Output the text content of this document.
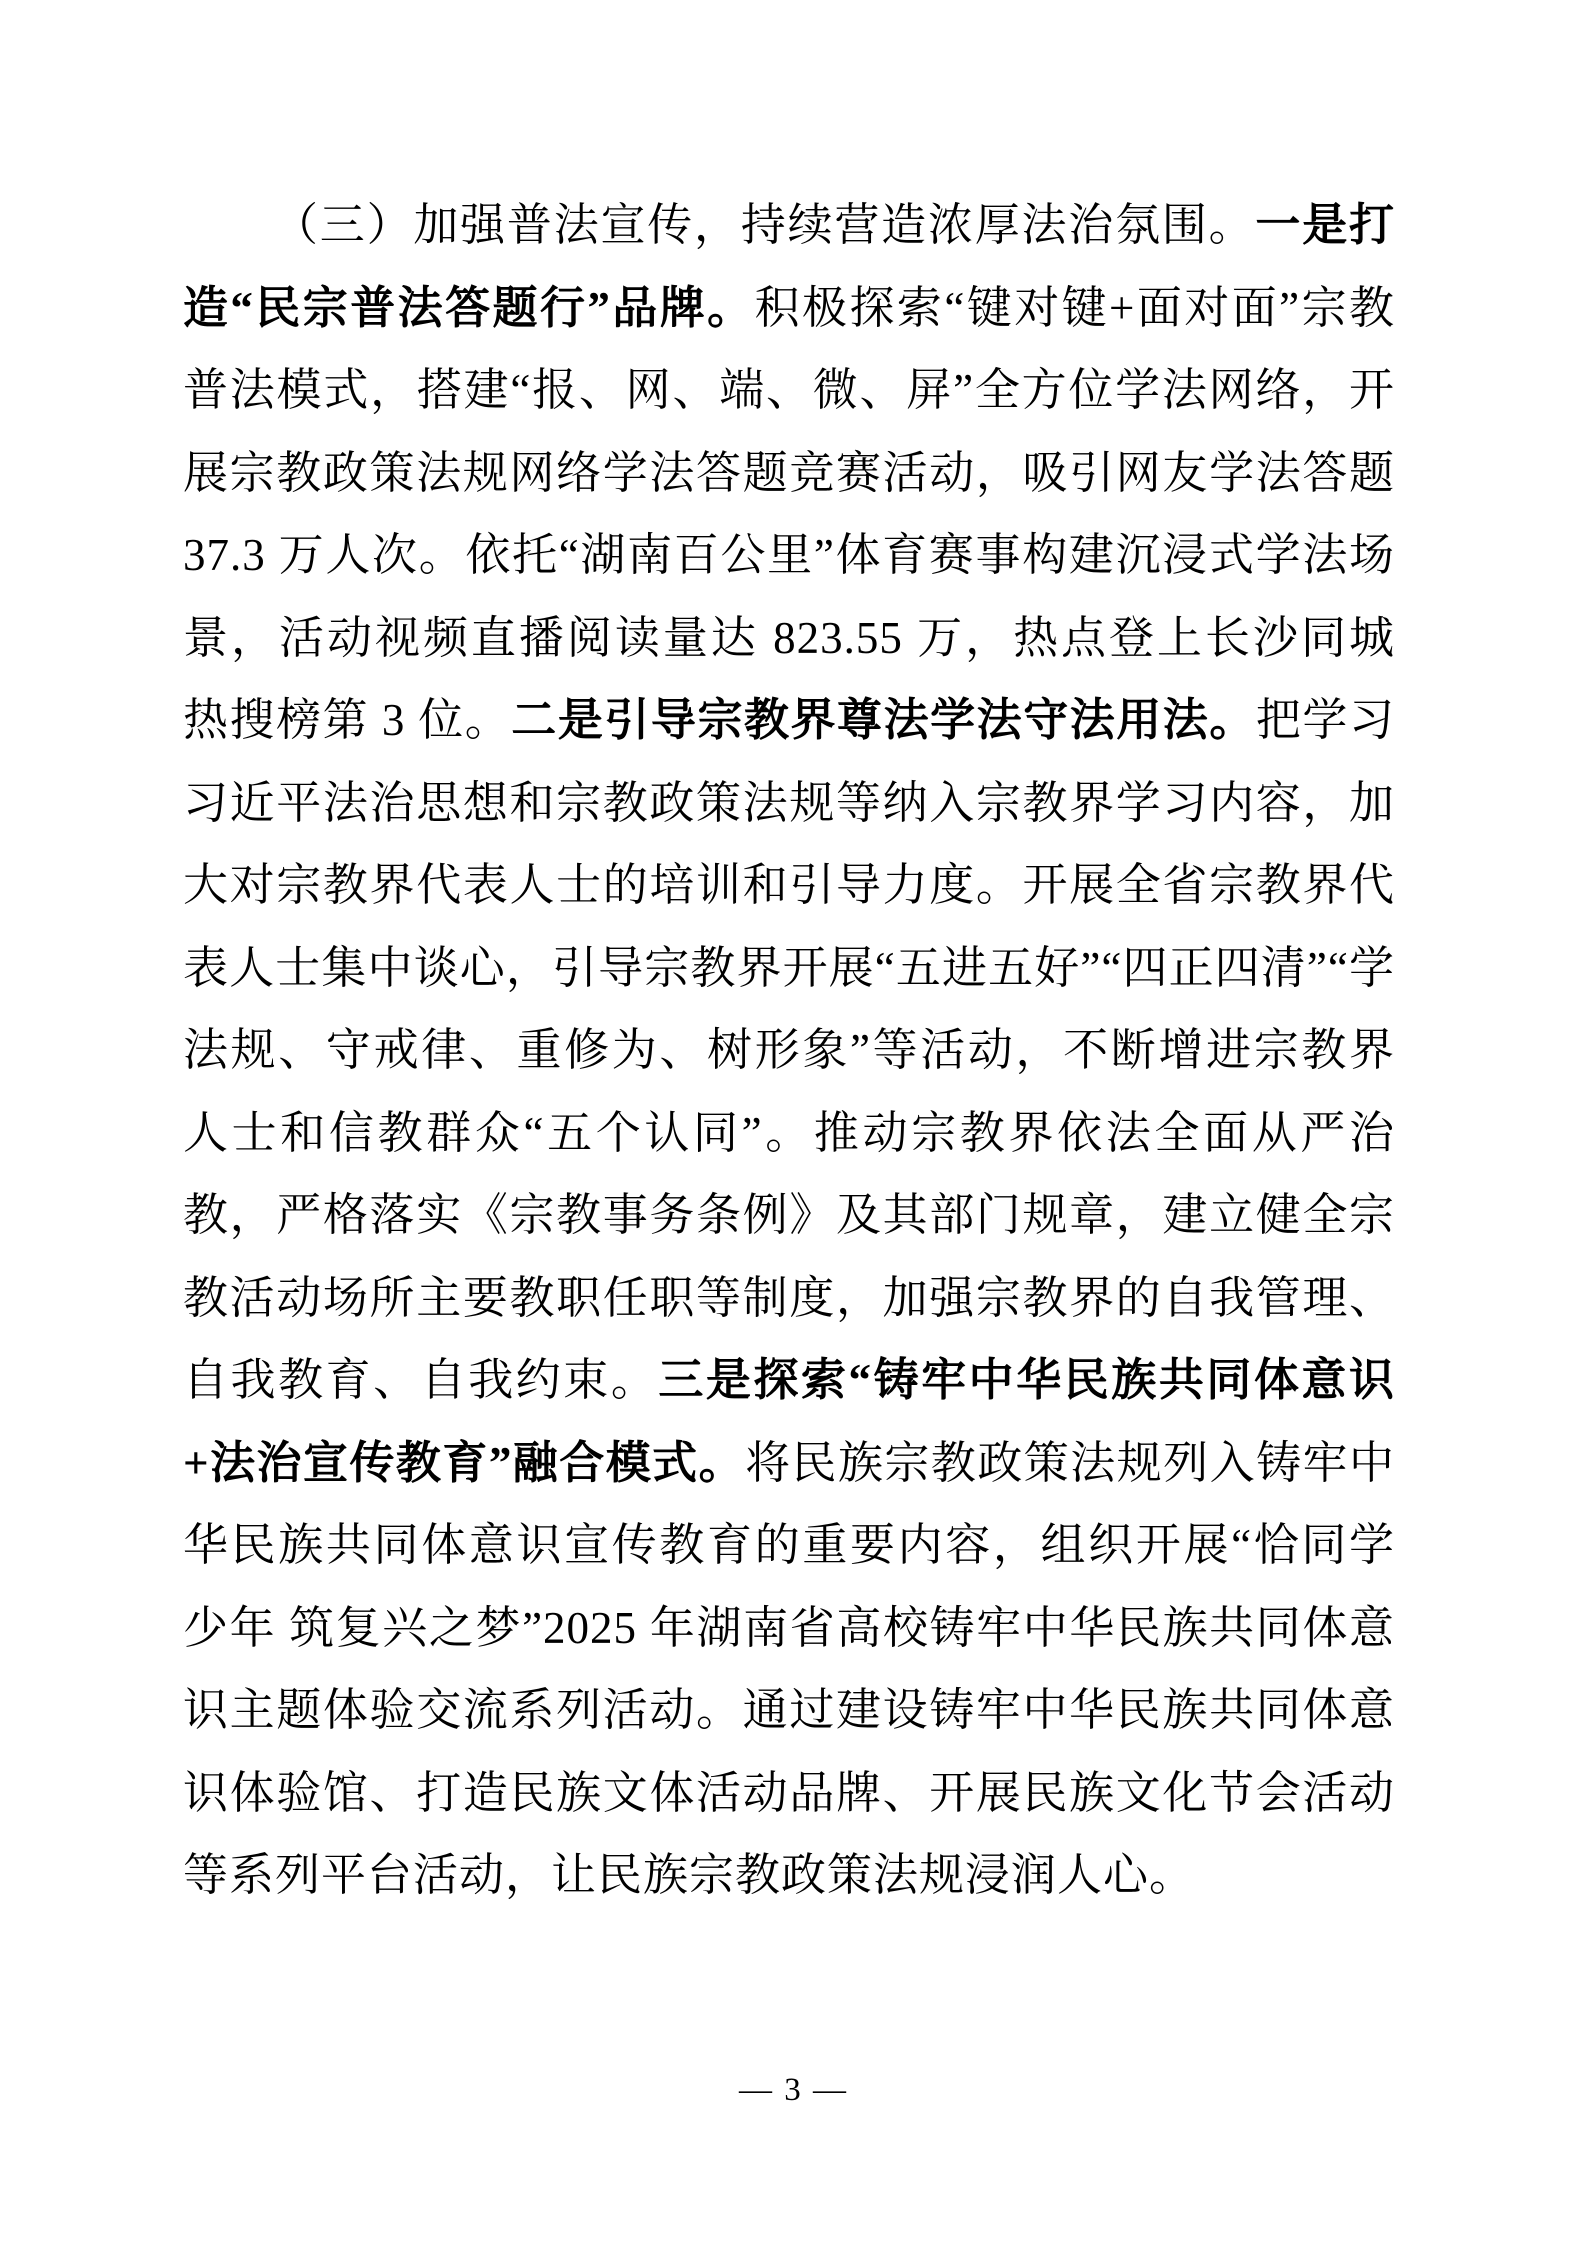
（三）加强普法宣传，持续营造浓厚法治氛围。一是打造“民宗普法答题行”品牌。积极探索“键对键+面对面”宗教普法模式，搭建“报、网、端、微、屏”全方位学法网络，开展宗教政策法规网络学法答题竞赛活动，吸引网友学法答题 37.3 万人次。依托“湖南百公里”体育赛事构建沉浸式学法场景，活动视频直播阅读量达 823.55 万，热点登上长沙同城热搜榜第 3 位。二是引导宗教界尊法学法守法用法。把学习习近平法治思想和宗教政策法规等纳入宗教界学习内容，加大对宗教界代表人士的培训和引导力度。开展全省宗教界代表人士集中谈心，引导宗教界开展“五进五好”“四正四清”“学法规、守戒律、重修为、树形象”等活动，不断增进宗教界人士和信教群众“五个认同”。推动宗教界依法全面从严治教，严格落实《宗教事务条例》及其部门规章，建立健全宗教活动场所主要教职任职等制度，加强宗教界的自我管理、自我教育、自我约束。三是探索“铸牢中华民族共同体意识+法治宣传教育”融合模式。将民族宗教政策法规列入铸牢中华民族共同体意识宣传教育的重要内容，组织开展“恰同学少年 筑复兴之梦”2025 年湖南省高校铸牢中华民族共同体意识主题体验交流系列活动。通过建设铸牢中华民族共同体意识体验馆、打造民族文体活动品牌、开展民族文化节会活动等系列平台活动，让民族宗教政策法规浸润人心。

— 3 —
